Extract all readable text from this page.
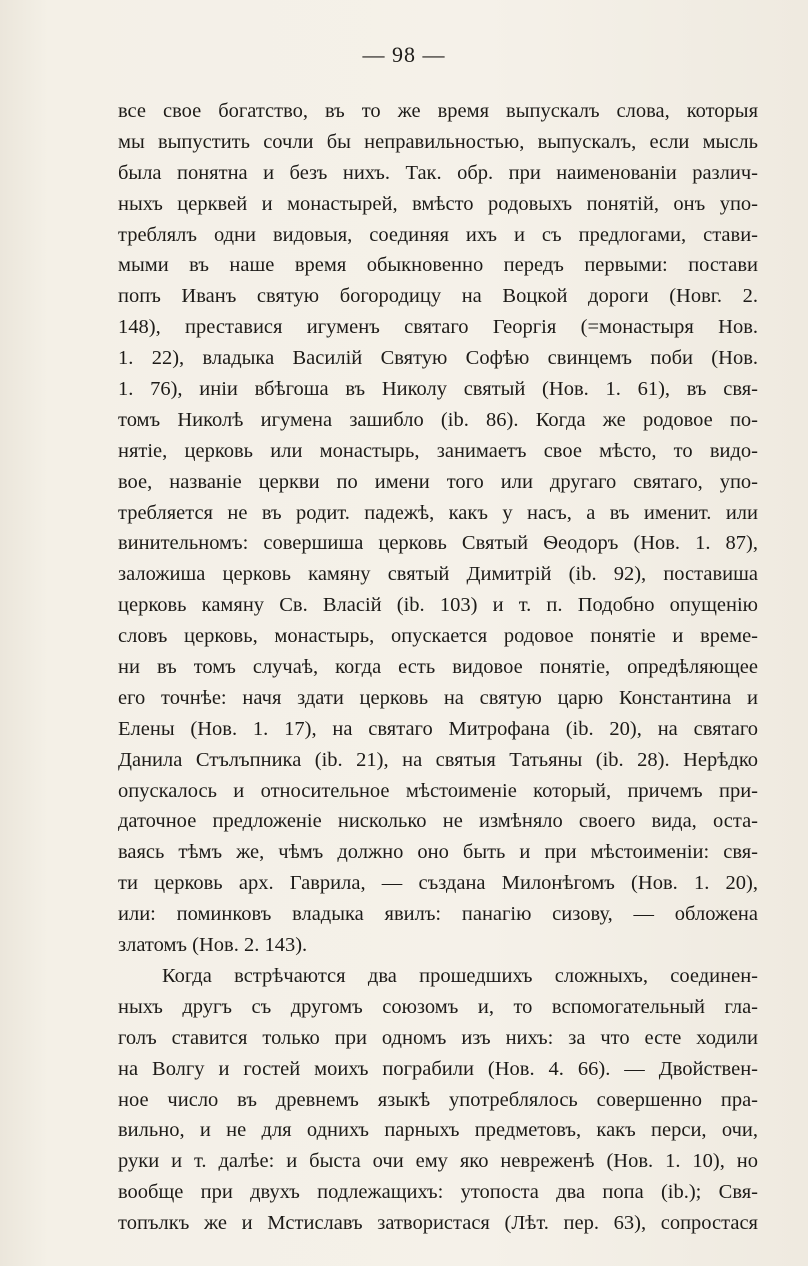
— 98 —
все свое богатство, въ то же время выпускалъ слова, которыя
мы выпустить сочли бы неправильностью, выпускалъ, если мысль
была понятна и безъ нихъ. Так. обр. при наименованіи различ-
ныхъ церквей и монастырей, вмѣсто родовыхъ понятій, онъ упо-
треблялъ одни видовыя, соединяя ихъ и съ предлогами, стави-
мыми въ наше время обыкновенно передъ первыми: постави
попъ Иванъ святую богородицу на Воцкой дороги (Новг. 2.
148), преставися игуменъ святаго Георгія (=монастыря Нов.
1. 22), владыка Василій Святую Софѣю свинцемъ поби (Нов.
1. 76), иніи вбѣгоша въ Николу святый (Нов. 1. 61), въ свя-
томъ Николѣ игумена зашибло (ib. 86). Когда же родовое по-
нятіе, церковь или монастырь, занимаетъ свое мѣсто, то видо-
вое, названіе церкви по имени того или другаго святаго, упо-
требляется не въ родит. падежѣ, какъ у насъ, а въ именит. или
винительномъ: совершиша церковь Святый Ѳеодоръ (Нов. 1. 87),
заложиша церковь камяну святый Димитрій (ib. 92), поставиша
церковь камяну Св. Власій (ib. 103) и т. п. Подобно опущенію
словъ церковь, монастырь, опускается родовое понятіе и време-
ни въ томъ случаѣ, когда есть видовое понятіе, опредѣляющее
его точнѣе: начя здати церковь на святую царю Константина и
Елены (Нов. 1. 17), на святаго Митрофана (ib. 20), на святаго
Данила Стълъпника (ib. 21), на святыя Татьяны (ib. 28). Нерѣдко
опускалось и относительное мѣстоименіе который, причемъ при-
даточное предложеніе нисколько не измѣняло своего вида, оста-
ваясь тѣмъ же, чѣмъ должно оно быть и при мѣстоименіи: свя-
ти церковь арх. Гаврила, — създана Милонѣгомъ (Нов. 1. 20),
или: поминковъ владыка явилъ: панагію сизову, — обложена
златомъ (Нов. 2. 143).
Когда встрѣчаются два прошедшихъ сложныхъ, соединен-
ныхъ другъ съ другомъ союзомъ и, то вспомогательный гла-
голъ ставится только при одномъ изъ нихъ: за что есте ходили
на Волгу и гостей моихъ пограбили (Нов. 4. 66). — Двойствен-
ное число въ древнемъ языкѣ употреблялось совершенно пра-
вильно, и не для однихъ парныхъ предметовъ, какъ перси, очи,
руки и т. далѣе: и быста очи ему яко невреженѣ (Нов. 1. 10), но
вообще при двухъ подлежащихъ: утопоста два попа (ib.); Свя-
топълкъ же и Мстиславъ затвористася (Лѣт. пер. 63), сопростася
